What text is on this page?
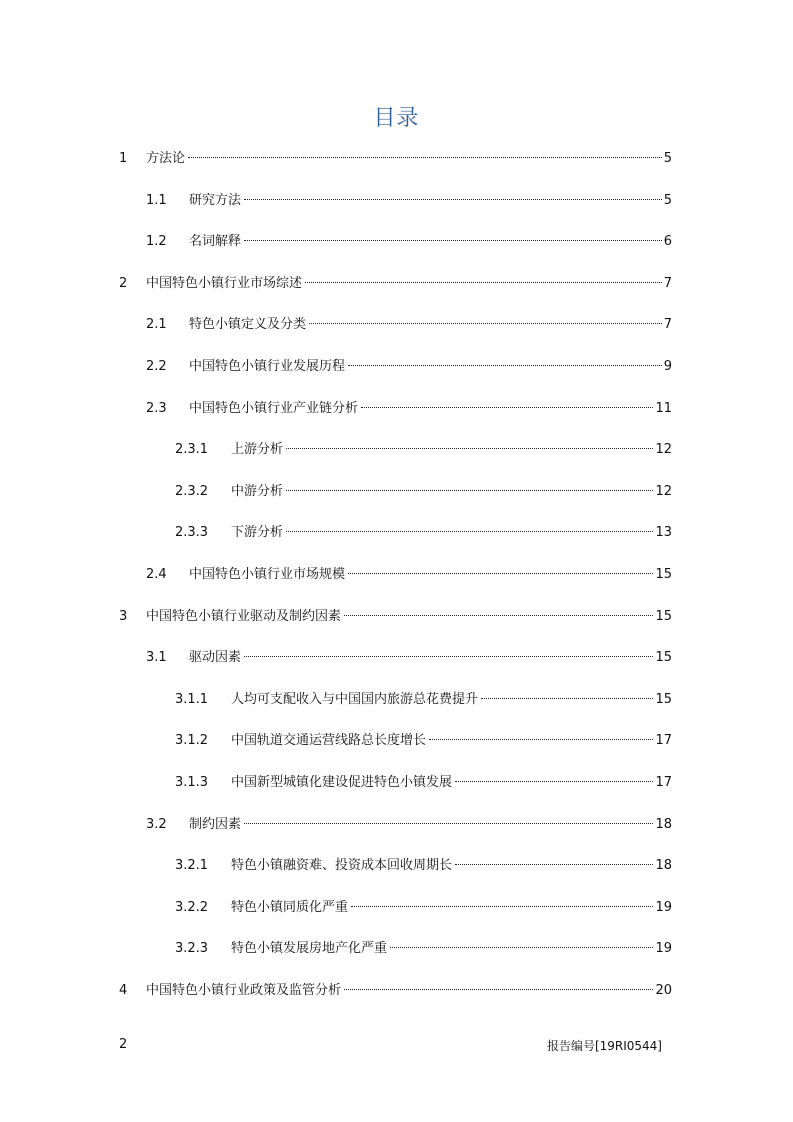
目录
1 方法论	5
1.1 研究方法	5
1.2 名词解释	6
2 中国特色小镇行业市场综述	7
2.1 特色小镇定义及分类	7
2.2 中国特色小镇行业发展历程	9
2.3 中国特色小镇行业产业链分析	11
2.3.1 上游分析	12
2.3.2 中游分析	12
2.3.3 下游分析	13
2.4 中国特色小镇行业市场规模	15
3 中国特色小镇行业驱动及制约因素	15
3.1 驱动因素	15
3.1.1 人均可支配收入与中国国内旅游总花费提升	15
3.1.2 中国轨道交通运营线路总长度增长	17
3.1.3 中国新型城镇化建设促进特色小镇发展	17
3.2 制约因素	18
3.2.1 特色小镇融资难、投资成本回收周期长	18
3.2.2 特色小镇同质化严重	19
3.2.3 特色小镇发展房地产化严重	19
4 中国特色小镇行业政策及监管分析	20
2	报告编号[19RI0544]
